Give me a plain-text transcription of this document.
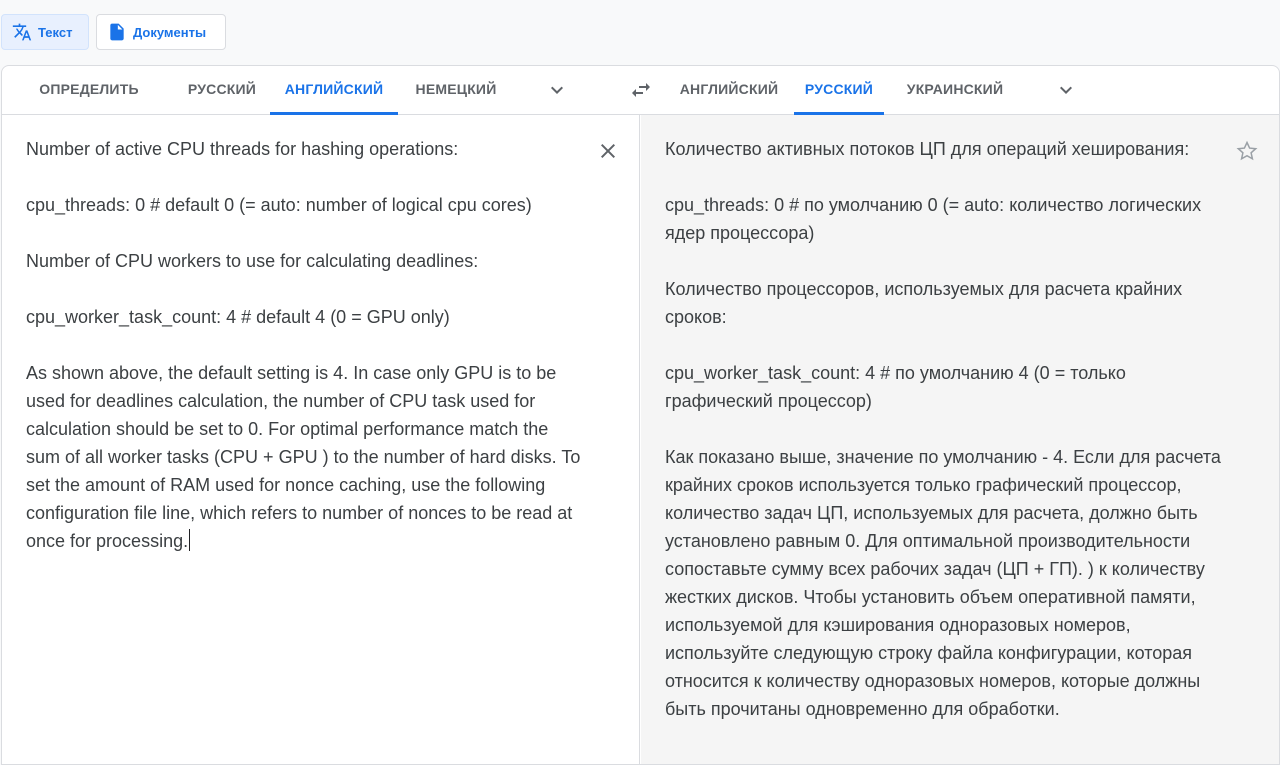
Текст	Документы
ОПРЕДЕЛИТЬ	РУССКИЙ	АНГЛИЙСКИЙ	НЕМЕЦКИЙ	АНГЛИЙСКИЙ	РУССКИЙ	УКРАИНСКИЙ
Number of active CPU threads for hashing operations:
cpu_threads: 0 # default 0 (= auto: number of logical cpu cores)
Number of CPU workers to use for calculating deadlines:
cpu_worker_task_count: 4 # default 4 (0 = GPU only)
As shown above, the default setting is 4. In case only GPU is to be used for deadlines calculation, the number of CPU task used for calculation should be set to 0. For optimal performance match the sum of all worker tasks (CPU + GPU ) to the number of hard disks. To set the amount of RAM used for nonce caching, use the following configuration file line, which refers to number of nonces to be read at once for processing.
Количество активных потоков ЦП для операций хеширования:
cpu_threads: 0 # по умолчанию 0 (= auto: количество логических ядер процессора)
Количество процессоров, используемых для расчета крайних сроков:
cpu_worker_task_count: 4 # по умолчанию 4 (0 = только графический процессор)
Как показано выше, значение по умолчанию - 4. Если для расчета крайних сроков используется только графический процессор, количество задач ЦП, используемых для расчета, должно быть установлено равным 0. Для оптимальной производительности сопоставьте сумму всех рабочих задач (ЦП + ГП). ) к количеству жестких дисков. Чтобы установить объем оперативной памяти, используемой для кэширования одноразовых номеров, используйте следующую строку файла конфигурации, которая относится к количеству одноразовых номеров, которые должны быть прочитаны одновременно для обработки.
